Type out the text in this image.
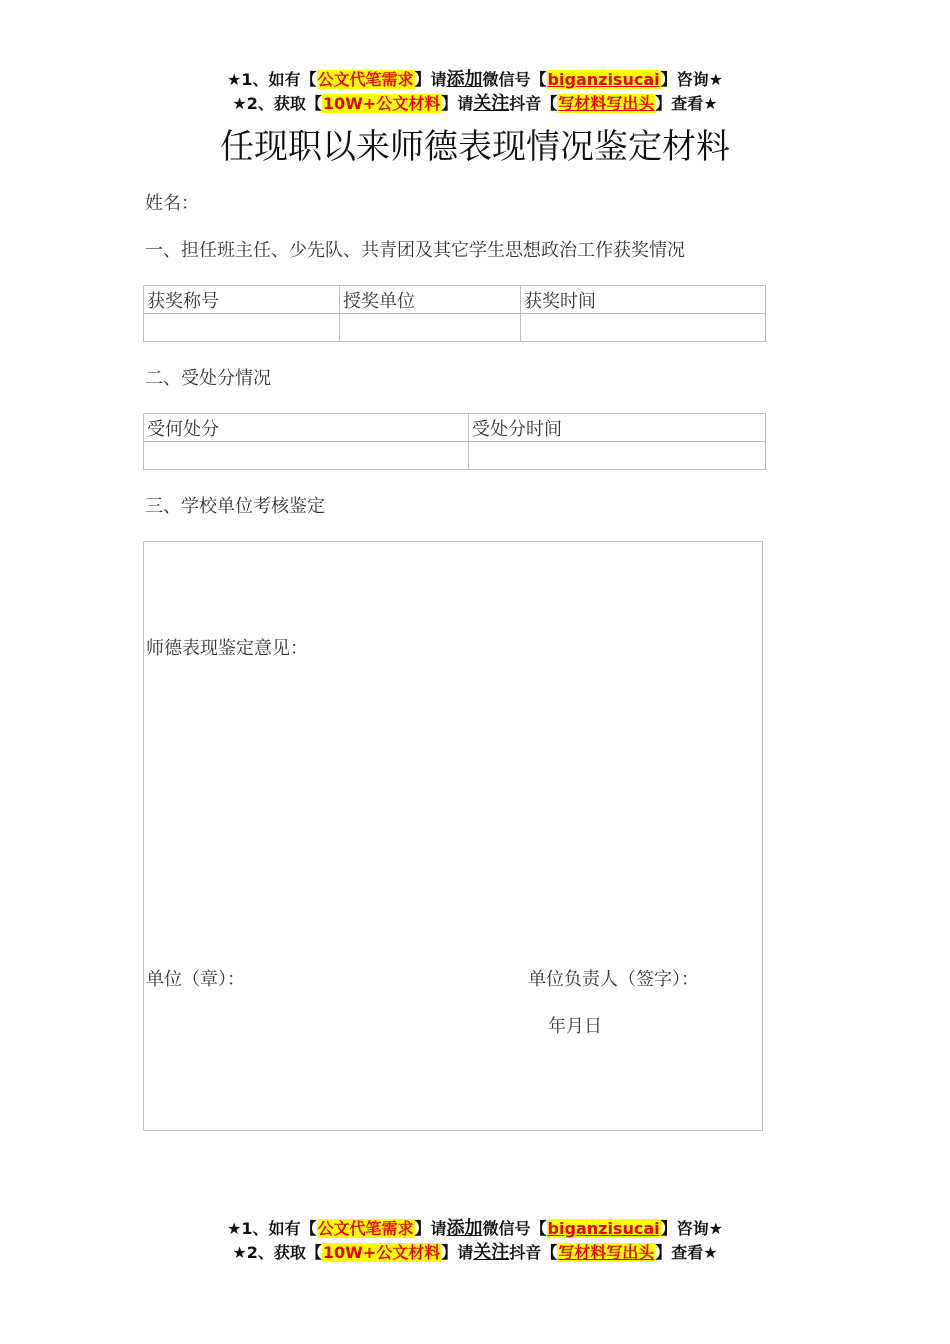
★1、如有【公文代笔需求】请添加微信号【biganzisucai】咨询★
★2、获取【10W+公文材料】请关注抖音【写材料写出头】查看★
任现职以来师德表现情况鉴定材料
姓名：
一、担任班主任、少先队、共青团及其它学生思想政治工作获奖情况
获奖称号	授奖单位	获奖时间

二、受处分情况
受何处分	受处分时间

三、学校单位考核鉴定
师德表现鉴定意见：
单位（章）：	单位负责人（签字）：
年月日
★1、如有【公文代笔需求】请添加微信号【biganzisucai】咨询★
★2、获取【10W+公文材料】请关注抖音【写材料写出头】查看★
